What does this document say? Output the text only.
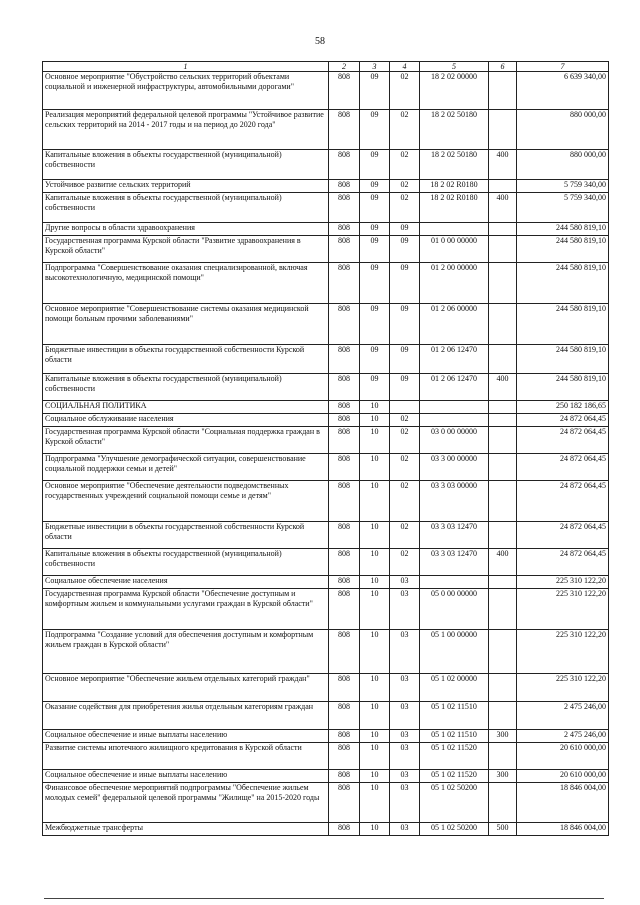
58
1	2	3	4	5	6	7
Основное мероприятие "Обустройство сельских территорий объектами социальной и инженерной инфраструктуры, автомобильными дорогами"	808	09	02	18 2 02 00000		6 639 340,00
Реализация мероприятий федеральной целевой программы "Устойчивое развитие сельских территорий на 2014 - 2017 годы и на период до 2020 года"	808	09	02	18 2 02 50180		880 000,00
Капитальные вложения в объекты государственной (муниципальной) собственности	808	09	02	18 2 02 50180	400	880 000,00
Устойчивое развитие сельских территорий	808	09	02	18 2 02 R0180		5 759 340,00
Капитальные вложения в объекты государственной (муниципальной) собственности	808	09	02	18 2 02 R0180	400	5 759 340,00
Другие вопросы в области здравоохранения	808	09	09			244 580 819,10
Государственная программа Курской области "Развитие здравоохранения в Курской области"	808	09	09	01 0 00 00000		244 580 819,10
Подпрограмма "Совершенствование оказания специализированной, включая высокотехнологичную, медицинской помощи"	808	09	09	01 2 00 00000		244 580 819,10
Основное мероприятие "Совершенствование системы оказания медицинской помощи больным прочими заболеваниями"	808	09	09	01 2 06 00000		244 580 819,10
Бюджетные инвестиции в объекты государственной собственности Курской области	808	09	09	01 2 06 12470		244 580 819,10
Капитальные вложения в объекты государственной (муниципальной) собственности	808	09	09	01 2 06 12470	400	244 580 819,10
СОЦИАЛЬНАЯ ПОЛИТИКА	808	10				250 182 186,65
Социальное обслуживание населения	808	10	02			24 872 064,45
Государственная программа Курской области "Социальная поддержка граждан в Курской области"	808	10	02	03 0 00 00000		24 872 064,45
Подпрограмма "Улучшение демографической ситуации, совершенствование социальной поддержки семьи и детей"	808	10	02	03 3 00 00000		24 872 064,45
Основное мероприятие "Обеспечение деятельности подведомственных государственных учреждений социальной помощи семье и детям"	808	10	02	03 3 03 00000		24 872 064,45
Бюджетные инвестиции в объекты государственной собственности Курской области	808	10	02	03 3 03 12470		24 872 064,45
Капитальные вложения в объекты государственной (муниципальной) собственности	808	10	02	03 3 03 12470	400	24 872 064,45
Социальное обеспечение населения	808	10	03			225 310 122,20
Государственная программа Курской области "Обеспечение доступным и комфортным жильем и коммунальными услугами граждан в Курской области"	808	10	03	05 0 00 00000		225 310 122,20
Подпрограмма "Создание условий для обеспечения доступным и комфортным жильем граждан в Курской области"	808	10	03	05 1 00 00000		225 310 122,20
Основное мероприятие "Обеспечение жильем отдельных категорий граждан"	808	10	03	05 1 02 00000		225 310 122,20
Оказание содействия для приобретения жилья отдельным категориям граждан	808	10	03	05 1 02 11510		2 475 246,00
Социальное обеспечение и иные выплаты населению	808	10	03	05 1 02 11510	300	2 475 246,00
Развитие системы ипотечного жилищного кредитования в Курской области	808	10	03	05 1 02 11520		20 610 000,00
Социальное обеспечение и иные выплаты населению	808	10	03	05 1 02 11520	300	20 610 000,00
Финансовое обеспечение мероприятий подпрограммы "Обеспечение жильем молодых семей" федеральной целевой программы "Жилище" на 2015-2020 годы	808	10	03	05 1 02 50200		18 846 004,00
Межбюджетные трансферты	808	10	03	05 1 02 50200	500	18 846 004,00
